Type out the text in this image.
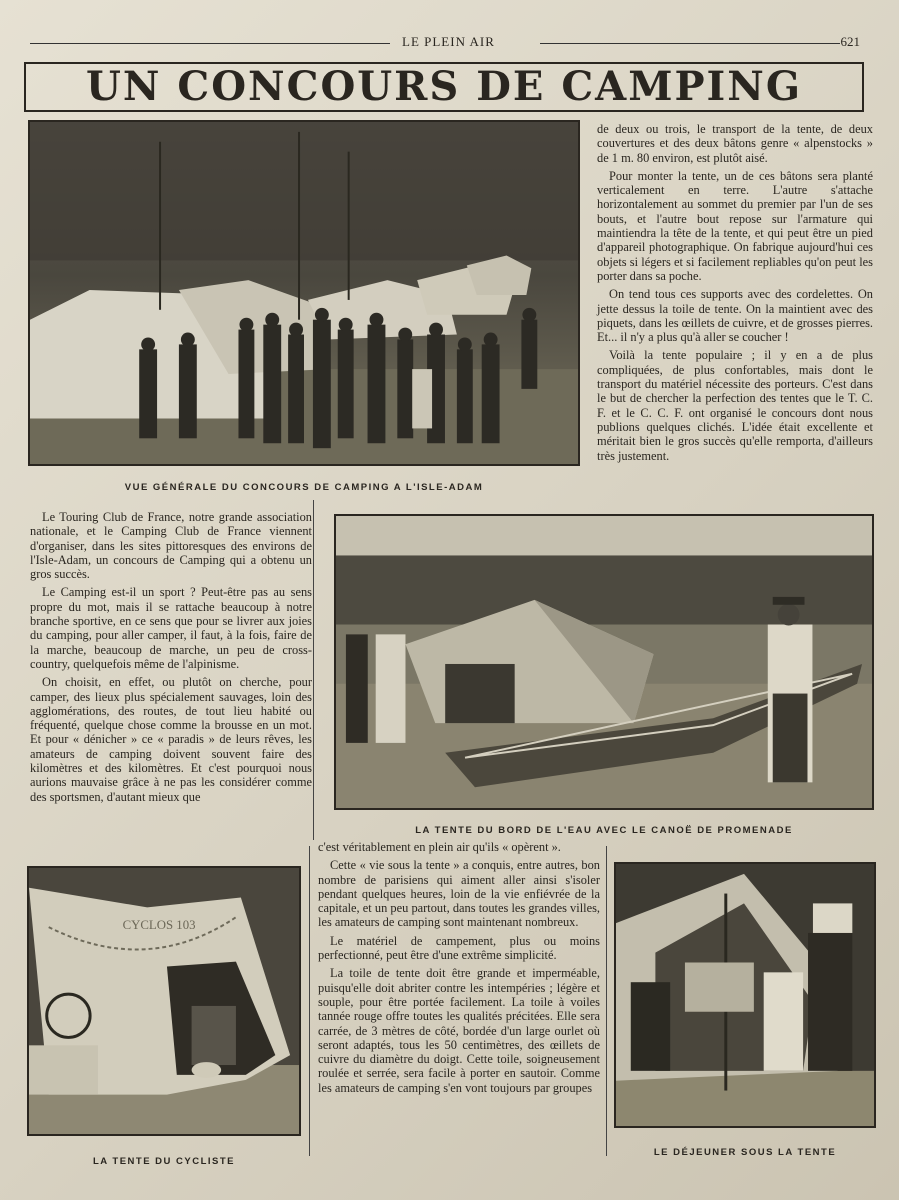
LE PLEIN AIR	621
UN CONCOURS DE CAMPING
VUE GÉNÉRALE DU CONCOURS DE CAMPING A L'ISLE-ADAM

de deux ou trois, le transport de la tente, de deux couvertures et des deux bâtons genre « alpenstocks » de 1 m. 80 environ, est plutôt aisé.

Pour monter la tente, un de ces bâtons sera planté verticalement en terre. L'autre s'attache horizontalement au sommet du premier par l'un de ses bouts, et l'autre bout repose sur l'armature qui maintiendra la tête de la tente, et qui peut être un pied d'appareil photographique. On fabrique aujourd'hui ces objets si légers et si facilement repliables qu'on peut les porter dans sa poche.

On tend tous ces supports avec des cordelettes. On jette dessus la toile de tente. On la maintient avec des piquets, dans les œillets de cuivre, et de grosses pierres. Et... il n'y a plus qu'à aller se coucher !

Voilà la tente populaire ; il y en a de plus compliquées, de plus confortables, mais dont le transport du matériel nécessite des porteurs. C'est dans le but de chercher la perfection des tentes que le T. C. F. et le C. C. F. ont organisé le concours dont nous publions quelques clichés. L'idée était excellente et méritait bien le gros succès qu'elle remporta, d'ailleurs très justement.

Le Touring Club de France, notre grande association nationale, et le Camping Club de France viennent d'organiser, dans les sites pittoresques des environs de l'Isle-Adam, un concours de Camping qui a obtenu un gros succès.

Le Camping est-il un sport ? Peut-être pas au sens propre du mot, mais il se rattache beaucoup à notre branche sportive, en ce sens que pour se livrer aux joies du camping, pour aller camper, il faut, à la fois, faire de la marche, beaucoup de marche, un peu de cross-country, quelquefois même de l'alpinisme.

On choisit, en effet, ou plutôt on cherche, pour camper, des lieux plus spécialement sauvages, loin des agglomérations, des routes, de tout lieu habité ou fréquenté, quelque chose comme la brousse en un mot. Et pour « dénicher » ce « paradis » de leurs rêves, les amateurs de camping doivent souvent faire des kilomètres et des kilomètres. Et c'est pourquoi nous aurions mauvaise grâce à ne pas les considérer comme des sportsmen, d'autant mieux que

LA TENTE DU BORD DE L'EAU AVEC LE CANOË DE PROMENADE
CYCLOS 103
LA TENTE DU CYCLISTE

c'est véritablement en plein air qu'ils « opèrent ».

Cette « vie sous la tente » a conquis, entre autres, bon nombre de parisiens qui aiment aller ainsi s'isoler pendant quelques heures, loin de la vie enfiévrée de la capitale, et un peu partout, dans toutes les grandes villes, les amateurs de camping sont maintenant nombreux.

Le matériel de campement, plus ou moins perfectionné, peut être d'une extrême simplicité.

La toile de tente doit être grande et imperméable, puisqu'elle doit abriter contre les intempéries ; légère et souple, pour être portée facilement. La toile à voiles tannée rouge offre toutes les qualités précitées. Elle sera carrée, de 3 mètres de côté, bordée d'un large ourlet où seront adaptés, tous les 50 centimètres, des œillets de cuivre du diamètre du doigt. Cette toile, soigneusement roulée et serrée, sera facile à porter en sautoir. Comme les amateurs de camping s'en vont toujours par groupes

LE DÉJEUNER SOUS LA TENTE
